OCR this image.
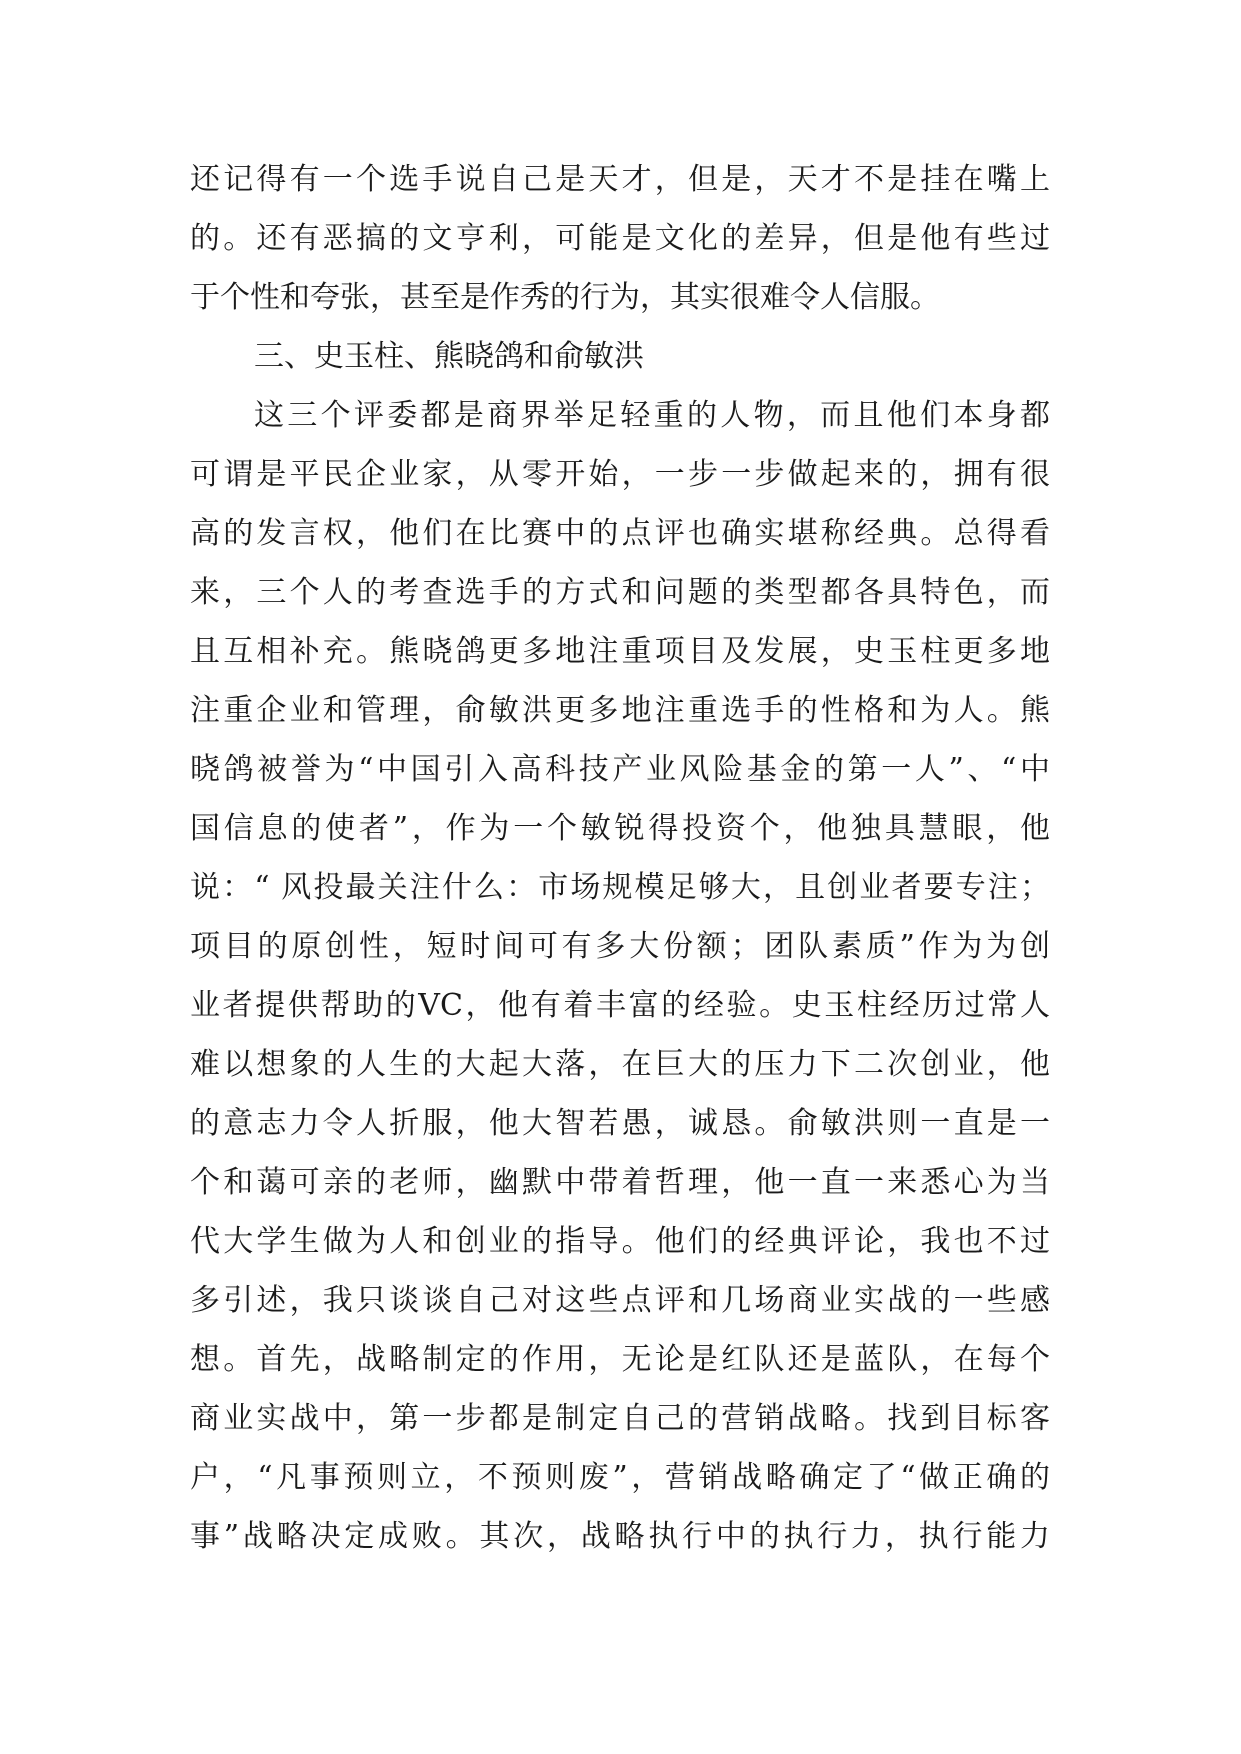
还记得有一个选手说自己是天才，但是，天才不是挂在嘴上
的。还有恶搞的文亨利，可能是文化的差异，但是他有些过
于个性和夸张，甚至是作秀的行为，其实很难令人信服。
三、史玉柱、熊晓鸽和俞敏洪
这三个评委都是商界举足轻重的人物，而且他们本身都
可谓是平民企业家，从零开始，一步一步做起来的，拥有很
高的发言权，他们在比赛中的点评也确实堪称经典。总得看
来，三个人的考查选手的方式和问题的类型都各具特色，而
且互相补充。熊晓鸽更多地注重项目及发展，史玉柱更多地
注重企业和管理，俞敏洪更多地注重选手的性格和为人。熊
晓鸽被誉为“中国引入高科技产业风险基金的第一人”、“中
国信息的使者”，作为一个敏锐得投资个，他独具慧眼，他
说：“ 风投最关注什么：市场规模足够大，且创业者要专注；
项目的原创性，短时间可有多大份额；团队素质”作为为创
业者提供帮助的VC，他有着丰富的经验。史玉柱经历过常人
难以想象的人生的大起大落，在巨大的压力下二次创业，他
的意志力令人折服，他大智若愚，诚恳。俞敏洪则一直是一
个和蔼可亲的老师，幽默中带着哲理，他一直一来悉心为当
代大学生做为人和创业的指导。他们的经典评论，我也不过
多引述，我只谈谈自己对这些点评和几场商业实战的一些感
想。首先，战略制定的作用，无论是红队还是蓝队，在每个
商业实战中，第一步都是制定自己的营销战略。找到目标客
户，“凡事预则立，不预则废”，营销战略确定了“做正确的
事”战略决定成败。其次，战略执行中的执行力，执行能力
